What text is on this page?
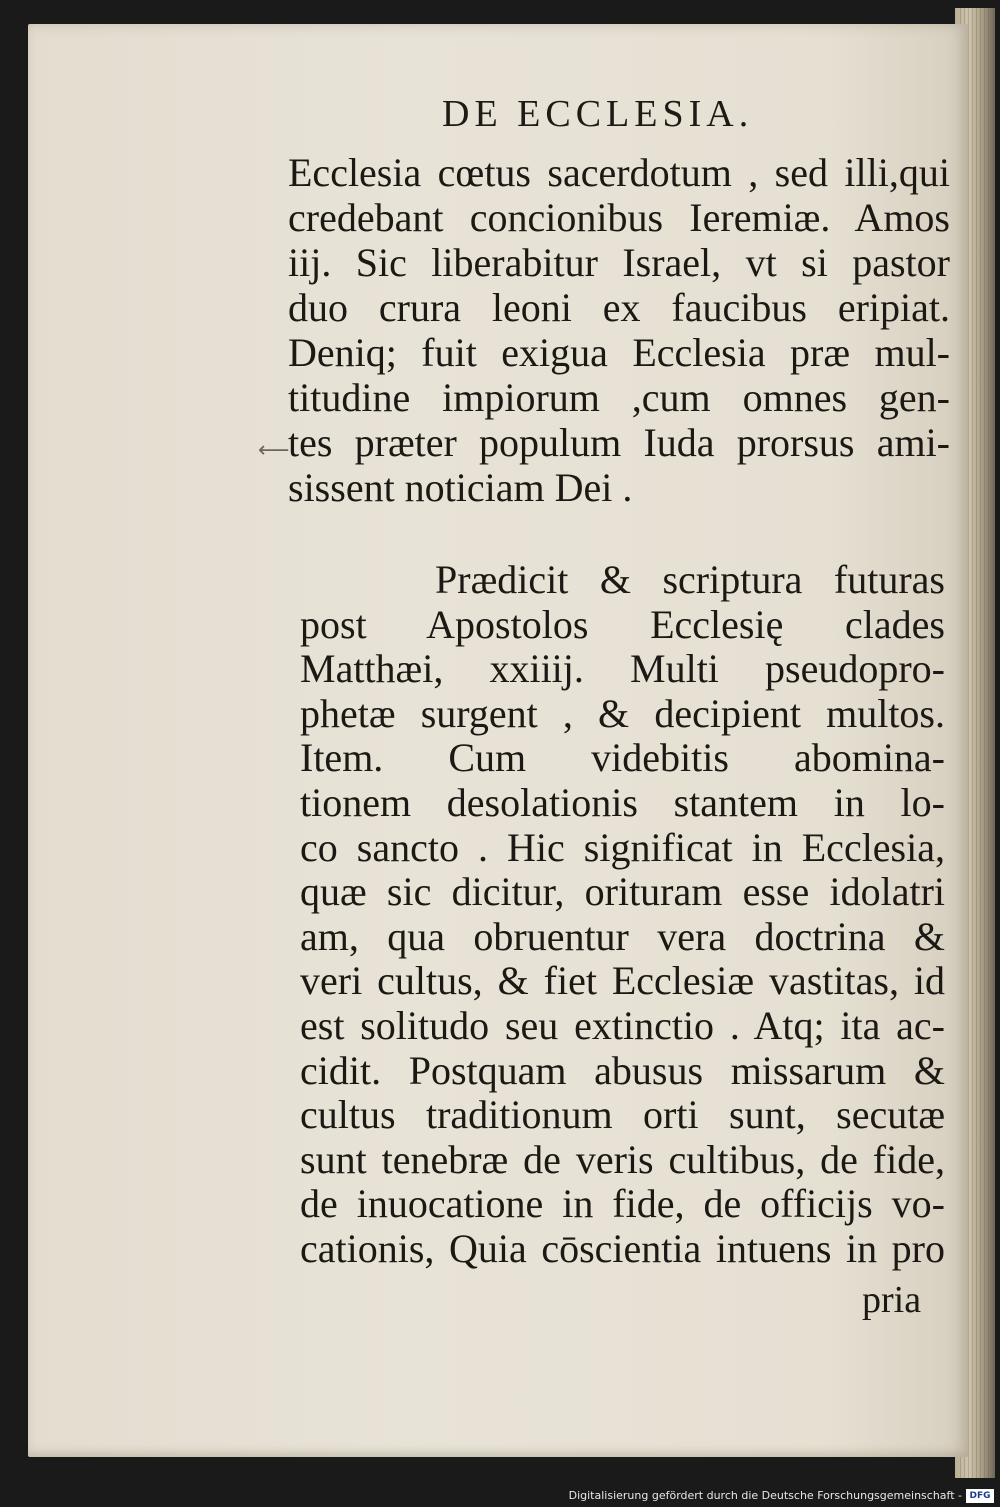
⟵
DE ECCLESIA.
Ecclesia cœtus sacerdotum , sed illi,qui
credebant concionibus Ieremiæ. Amos
iij. Sic liberabitur Israel, vt si pastor
duo crura leoni ex faucibus eripiat.
Deniq; fuit exigua Ecclesia præ mul-
titudine impiorum ,cum omnes gen-
tes præter populum Iuda prorsus ami-
sissent noticiam Dei .
Prædicit & scriptura futuras
post Apostolos Ecclesię clades
Matthæi, xxiiij. Multi pseudopro-
phetæ surgent , & decipient multos.
Item. Cum videbitis abomina-
tionem desolationis stantem in lo-
co sancto . Hic significat in Ecclesia,
quæ sic dicitur, orituram esse idolatri
am, qua obruentur vera doctrina &
veri cultus, & fiet Ecclesiæ vastitas, id
est solitudo seu extinctio . Atq; ita ac-
cidit. Postquam abusus missarum &
cultus traditionum orti sunt, secutæ
sunt tenebræ de veris cultibus, de fide,
de inuocatione in fide, de officijs vo-
cationis, Quia cōscientia intuens in pro
pria
Digitalisierung gefördert durch die Deutsche Forschungsgemeinschaft - DFG
